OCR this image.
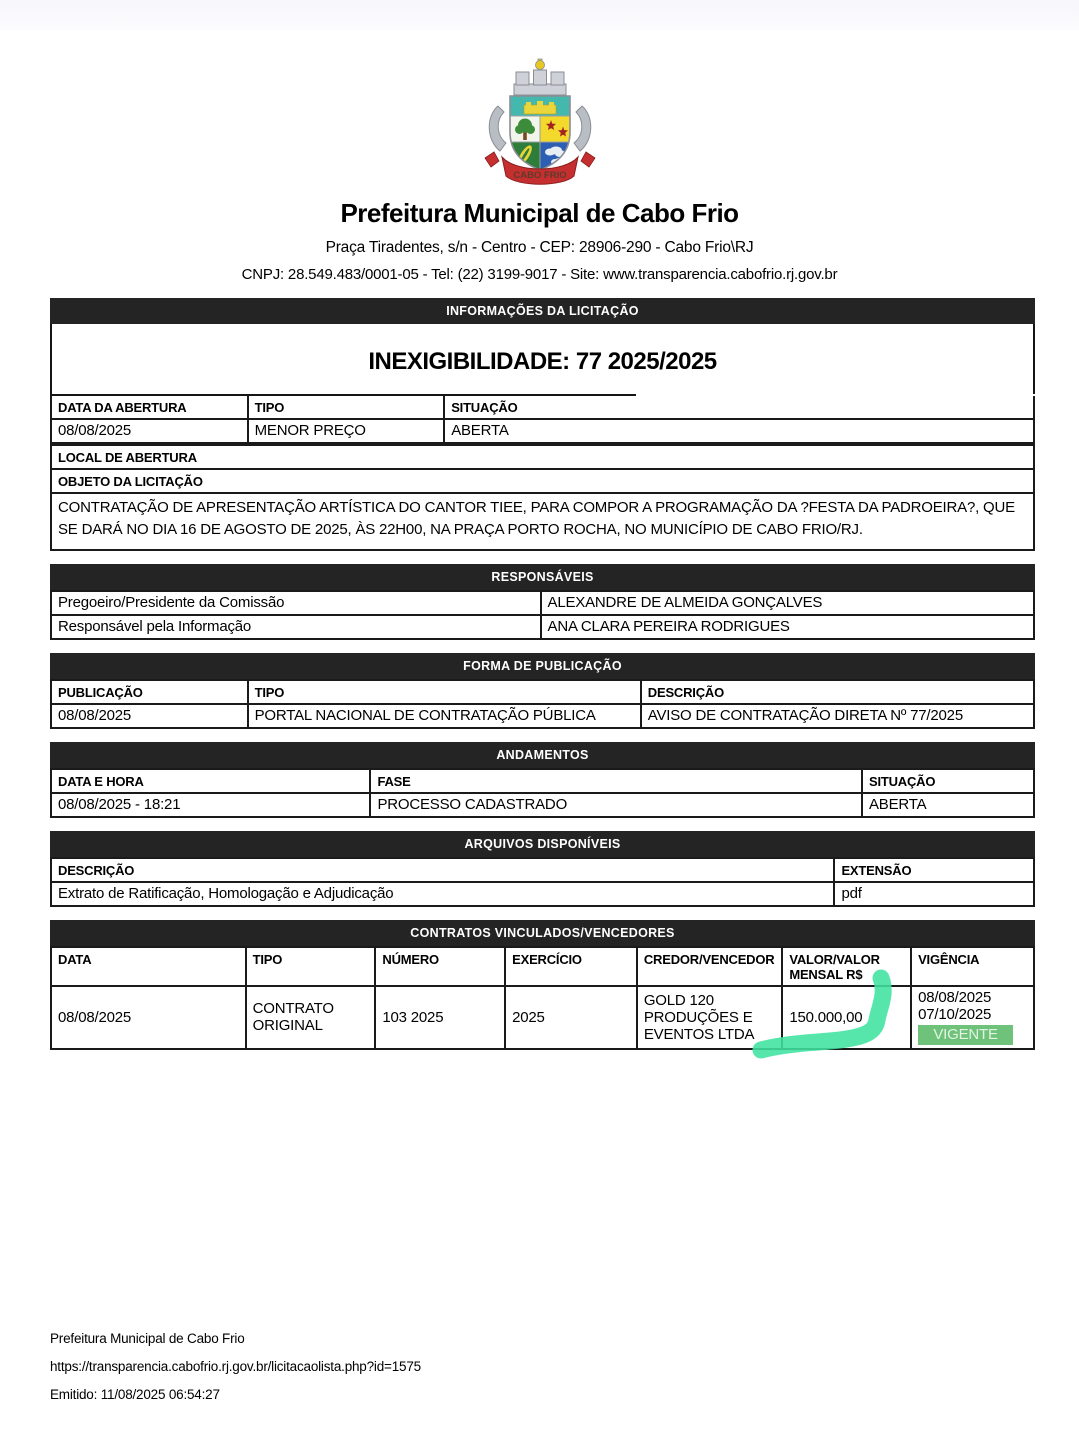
CABO FRIO
Prefeitura Municipal de Cabo Frio
Praça Tiradentes, s/n - Centro - CEP: 28906-290 - Cabo Frio\RJ
CNPJ: 28.549.483/0001-05 - Tel: (22) 3199-9017 - Site: www.transparencia.cabofrio.rj.gov.br
INFORMAÇÕES DA LICITAÇÃO
INEXIGIBILIDADE: 77 2025/2025
DATA DA ABERTURA	TIPO	SITUAÇÃO
08/08/2025	MENOR PREÇO	ABERTA
LOCAL DE ABERTURA
OBJETO DA LICITAÇÃO
CONTRATAÇÃO DE APRESENTAÇÃO ARTÍSTICA DO CANTOR TIEE, PARA COMPOR A PROGRAMAÇÃO DA ?FESTA DA PADROEIRA?, QUE SE DARÁ NO DIA 16 DE AGOSTO DE 2025, ÀS 22H00, NA PRAÇA PORTO ROCHA, NO MUNICÍPIO DE CABO FRIO/RJ.
RESPONSÁVEIS
Pregoeiro/Presidente da Comissão	ALEXANDRE DE ALMEIDA GONÇALVES
Responsável pela Informação	ANA CLARA PEREIRA RODRIGUES
FORMA DE PUBLICAÇÃO
PUBLICAÇÃO	TIPO	DESCRIÇÃO
08/08/2025	PORTAL NACIONAL DE CONTRATAÇÃO PÚBLICA	AVISO DE CONTRATAÇÃO DIRETA Nº 77/2025
ANDAMENTOS
DATA E HORA	FASE	SITUAÇÃO
08/08/2025 - 18:21	PROCESSO CADASTRADO	ABERTA
ARQUIVOS DISPONÍVEIS
DESCRIÇÃO	EXTENSÃO
Extrato de Ratificação, Homologação e Adjudicação	pdf
CONTRATOS VINCULADOS/VENCEDORES
DATA	TIPO	NÚMERO	EXERCÍCIO	CREDOR/VENCEDOR	VALOR/VALOR MENSAL R$	VIGÊNCIA
08/08/2025	CONTRATO ORIGINAL	103 2025	2025	GOLD 120 PRODUÇÕES E EVENTOS LTDA	150.000,00	08/08/2025
07/10/2025
VIGENTE
Prefeitura Municipal de Cabo Frio
https://transparencia.cabofrio.rj.gov.br/licitacaolista.php?id=1575
Emitido: 11/08/2025 06:54:27
